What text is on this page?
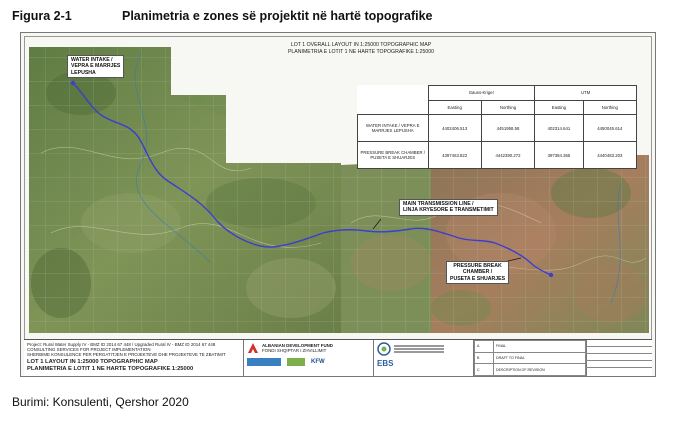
Figura 2-1	Planimetria e zones së projektit në hartë topografike
LOT 1 OVERALL LAYOUT IN 1:25000 TOPOGRAPHIC MAP
PLANIMETRIA E LOTIT 1 NE HARTE TOPOGRAFIKE 1:25000
	Gauss-Kriger		UTM	
	Easting	Northing	Easting	Northing
WATER INTAKE / VEPRA E MARRJES LEPUSHA	4402406.513	4451958.58	402314.641	4450045.614
PRESSURE BREAK CHAMBER / PUSETA E SHUARJES	4397463.822	4442390.272	397384.365	4440483.203
WATER INTAKE /
VEPRA E MARRJES
LEPUSHA
MAIN TRANSMISSION LINE /
LINJA KRYESORE E TRANSMETIMIT
PRESSURE BREAK
CHAMBER /
PUSETA E SHUARJES
Project: Rural Water Supply IV - BMZ ID 2014 67 448 / Upgraded Rural IV - BMZ ID 2014 67 448
CONSULTING SERVICES FOR PROJECT IMPLEMENTATION
SHERBIME KONSULENCE PER PERGATITJEN E PROJEKTEVE DHE PROJEKTEVE TE ZBATIMIT
LOT 1 LAYOUT IN 1:25000 TOPOGRAPHIC MAP
PLANIMETRIA E LOTIT 1 NE HARTE TOPOGRAFIKE 1:25000
ALBANIAN DEVELOPMENT FUND
FONDI SHQIPTAR I ZHVILLIMIT
KFW	EBS
A	FINAL
B	DRAFT TO FINAL
C	DESCRIPTION OF REVISION
Burimi: Konsulenti, Qershor 2020
